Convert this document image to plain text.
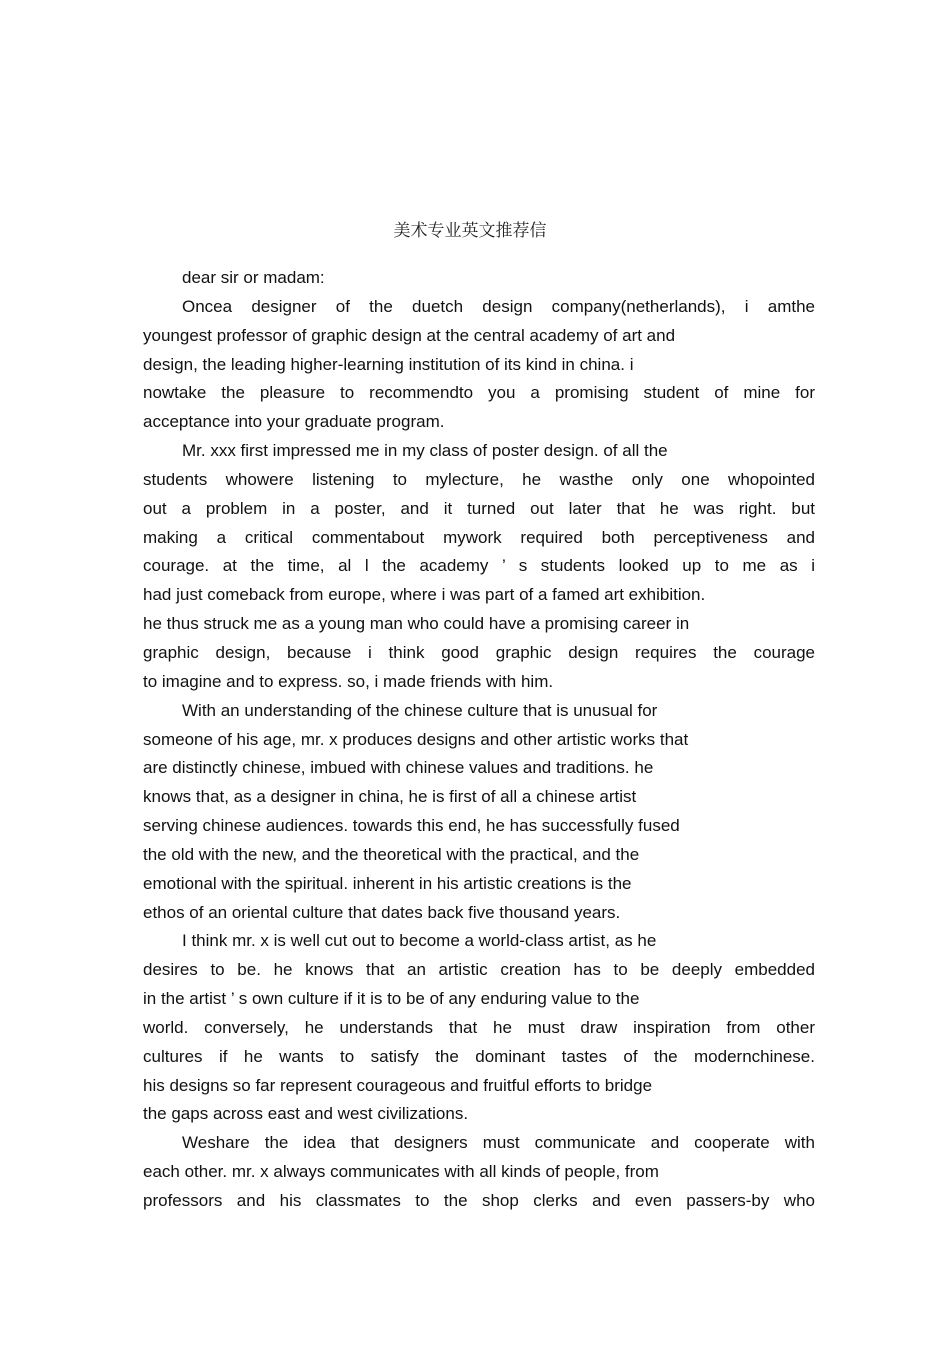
美术专业英文推荐信
dear sir or madam:
Oncea designer of the duetch design company(netherlands), i amthe
youngest professor of graphic design at the central academy of art and
design, the leading higher-learning institution of its kind in china. i
nowtake the pleasure to recommendto you a promising student of mine for
acceptance into your graduate program.
Mr. xxx first impressed me in my class of poster design. of all the
students whowere listening to mylecture, he wasthe only one whopointed
out a problem in a poster, and it turned out later that he was right. but
making a critical commentabout mywork required both perceptiveness and
courage. at the time, al l the academy ’ s students looked up to me as i
had just comeback from europe, where i was part of a famed art exhibition.
he thus struck me as a young man who could have a promising career in
graphic design, because i think good graphic design requires the courage
to imagine and to express. so, i made friends with him.
With an understanding of the chinese culture that is unusual for
someone of his age, mr. x produces designs and other artistic works that
are distinctly chinese, imbued with chinese values and traditions. he
knows that, as a designer in china, he is first of all a chinese artist
serving chinese audiences. towards this end, he has successfully fused
the old with the new, and the theoretical with the practical, and the
emotional with the spiritual. inherent in his artistic creations is the
ethos of an oriental culture that dates back five thousand years.
I think mr. x is well cut out to become a world-class artist, as he
desires to be. he knows that an artistic creation has to be deeply embedded
in the artist ’ s own culture if it is to be of any enduring value to the
world. conversely, he understands that he must draw inspiration from other
cultures if he wants to satisfy the dominant tastes of the modernchinese.
his designs so far represent courageous and fruitful efforts to bridge
the gaps across east and west civilizations.
Weshare the idea that designers must communicate and cooperate with
each other. mr. x always communicates with all kinds of people, from
professors and his classmates to the shop clerks and even passers-by who
